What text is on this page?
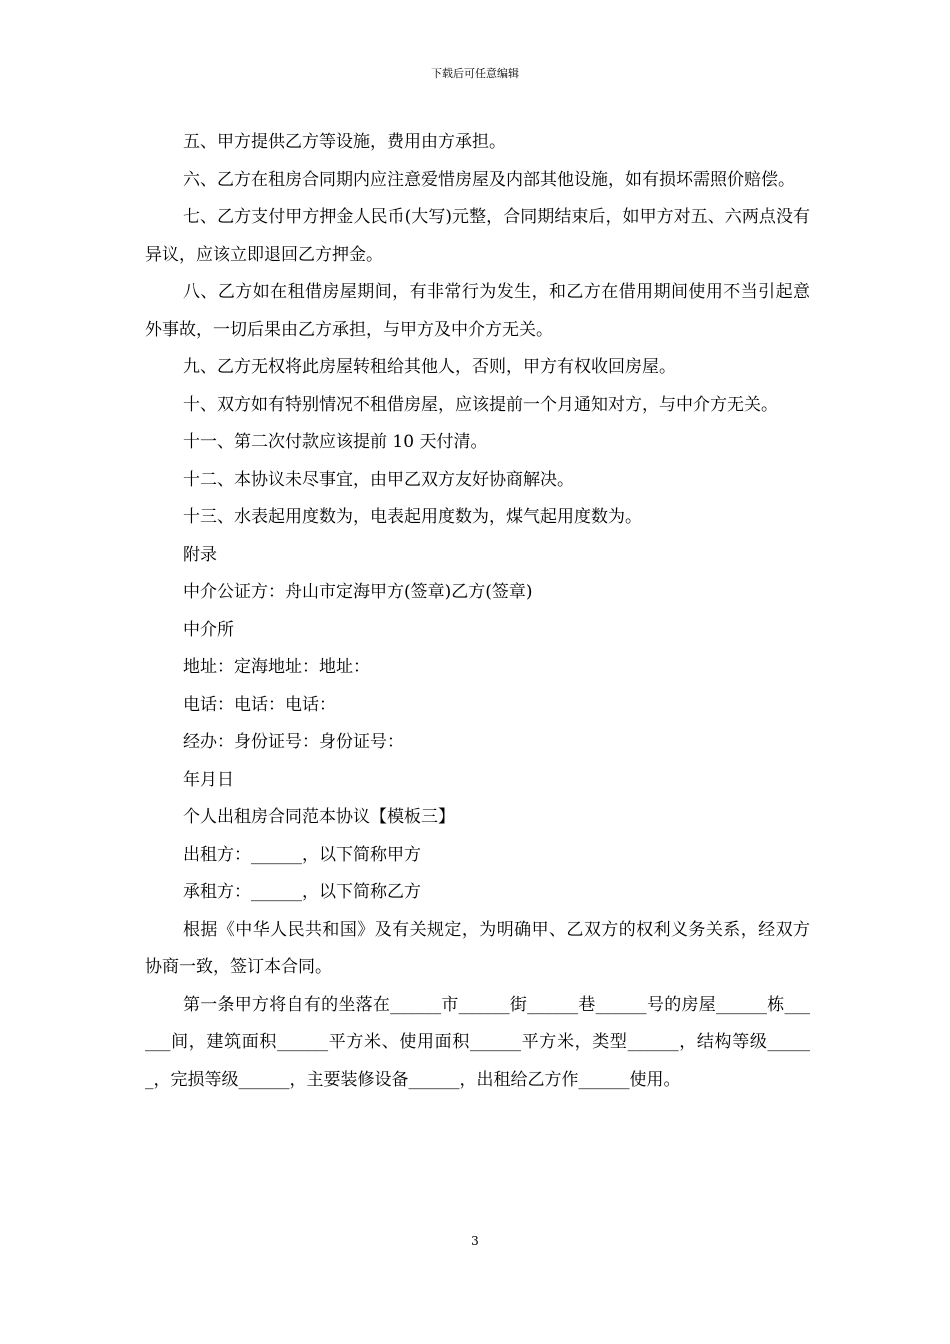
下载后可任意编辑

五、甲方提供乙方等设施，费用由方承担。

六、乙方在租房合同期内应注意爱惜房屋及内部其他设施，如有损坏需照价赔偿。

七、乙方支付甲方押金人民币(大写)元整，合同期结束后，如甲方对五、六两点没有异议，应该立即退回乙方押金。

八、乙方如在租借房屋期间，有非常行为发生，和乙方在借用期间使用不当引起意外事故，一切后果由乙方承担，与甲方及中介方无关。

九、乙方无权将此房屋转租给其他人，否则，甲方有权收回房屋。

十、双方如有特别情况不租借房屋，应该提前一个月通知对方，与中介方无关。

十一、第二次付款应该提前 10 天付清。

十二、本协议未尽事宜，由甲乙双方友好协商解决。

十三、水表起用度数为，电表起用度数为，煤气起用度数为。

附录

中介公证方：舟山市定海甲方(签章)乙方(签章)

中介所

地址：定海地址：地址：

电话：电话：电话：

经办：身份证号：身份证号：

年月日

个人出租房合同范本协议【模板三】

出租方：______，以下简称甲方

承租方：______，以下简称乙方

根据《中华人民共和国》及有关规定，为明确甲、乙双方的权利义务关系，经双方协商一致，签订本合同。

第一条甲方将自有的坐落在______市______街______巷______号的房屋______栋______间，建筑面积______平方米、使用面积______平方米，类型______，结构等级______，完损等级______，主要装修设备______，出租给乙方作______使用。

3
